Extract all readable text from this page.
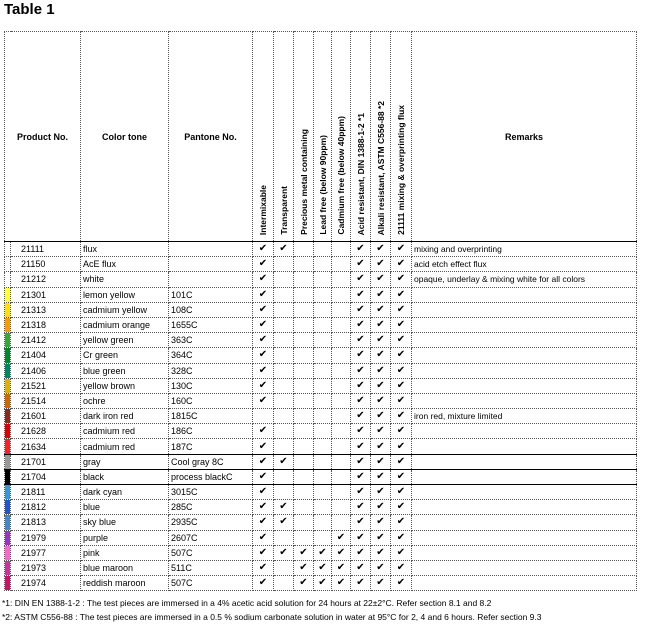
Table 1
Product No.		Color tone	Pantone No.	Intermixable	Transparent	Precious metal containing	Lead free (below 90ppm)	Cadmium free (below 40ppm)	Acid resistant, DIN 1388-1-2 *1	Alkali resistant, ASTM C556-88 *2	21111 mixing & overprinting flux	Remarks
	21111	flux		✔	✔				✔	✔	✔	mixing and overprinting
	21150	AcE flux		✔					✔	✔	✔	acid etch effect flux
	21212	white		✔					✔	✔	✔	opaque, underlay & mixing white for all colors
	21301	lemon yellow	101C	✔					✔	✔	✔	
	21313	cadmium yellow	108C	✔					✔	✔	✔	
	21318	cadmium orange	1655C	✔					✔	✔	✔	
	21412	yellow green	363C	✔					✔	✔	✔	
	21404	Cr green	364C	✔					✔	✔	✔	
	21406	blue green	328C	✔					✔	✔	✔	
	21521	yellow brown	130C	✔					✔	✔	✔	
	21514	ochre	160C	✔					✔	✔	✔	
	21601	dark iron red	1815C						✔	✔	✔	iron red, mixture limited
	21628	cadmium red	186C	✔					✔	✔	✔	
	21634	cadmium red	187C	✔					✔	✔	✔	
	21701	gray	Cool gray 8C	✔	✔				✔	✔	✔	
	21704	black	process blackC	✔					✔	✔	✔	
	21811	dark cyan	3015C	✔					✔	✔	✔	
	21812	blue	285C	✔	✔				✔	✔	✔	
	21813	sky blue	2935C	✔	✔				✔	✔	✔	
	21979	purple	2607C	✔				✔	✔	✔	✔	
	21977	pink	507C	✔	✔	✔	✔	✔	✔	✔	✔	
	21973	blue maroon	511C	✔		✔	✔	✔	✔	✔	✔	
	21974	reddish maroon	507C	✔		✔	✔	✔	✔	✔	✔	
*1: DIN EN 1388-1-2 : The test pieces are immersed in a 4% acetic acid solution for 24 hours at 22±2°C. Refer section 8.1 and 8.2
*2: ASTM C556-88 : The test pieces are immersed in a 0.5 % sodium carbonate solution in water at 95°C for 2, 4 and 6 hours. Refer section 9.3
